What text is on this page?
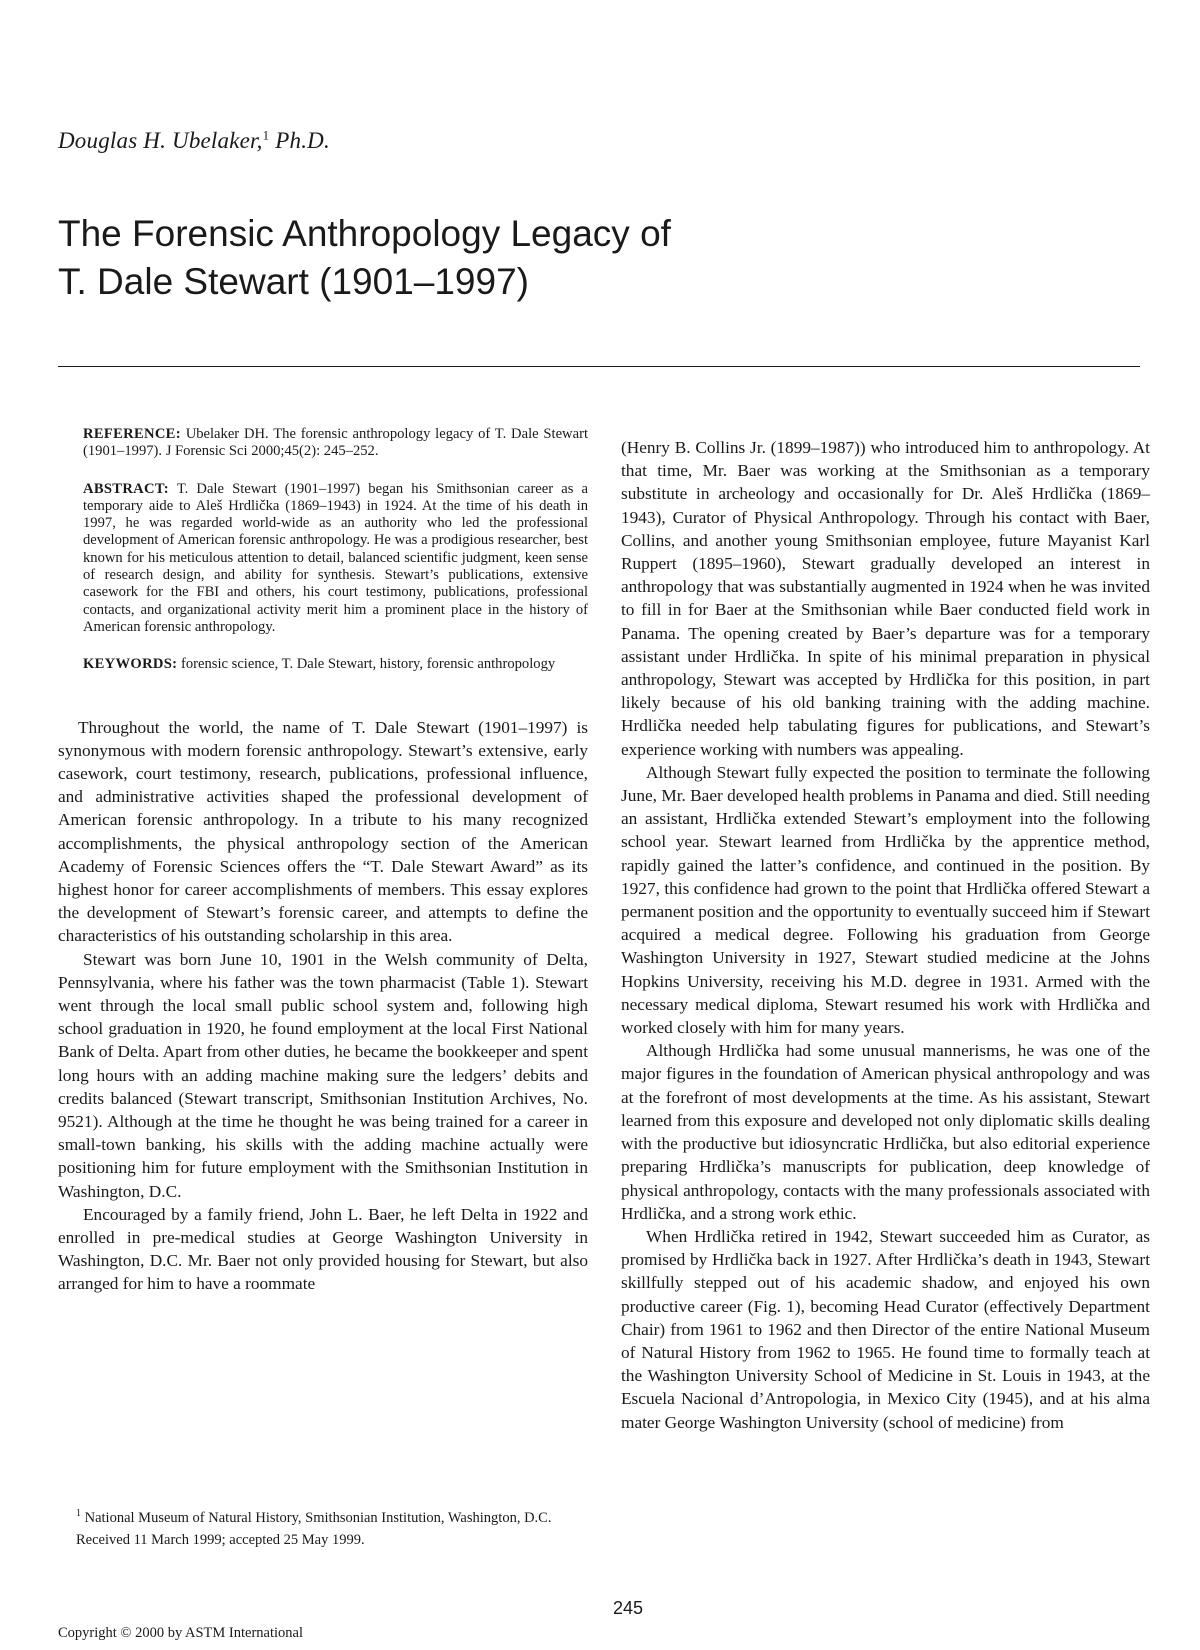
Douglas H. Ubelaker,$^1$ Ph.D.
The Forensic Anthropology Legacy of
T. Dale Stewart (1901–1997)

REFERENCE: Ubelaker DH. The forensic anthropology legacy of T. Dale Stewart (1901–1997). J Forensic Sci 2000;45(2): 245–252.

ABSTRACT: T. Dale Stewart (1901–1997) began his Smithsonian career as a temporary aide to Aleš Hrdlička (1869–1943) in 1924. At the time of his death in 1997, he was regarded world-wide as an authority who led the professional development of American forensic anthropology. He was a prodigious researcher, best known for his meticulous attention to detail, balanced scientific judgment, keen sense of research design, and ability for synthesis. Stewart’s publications, extensive casework for the FBI and others, his court testimony, publications, professional contacts, and organizational activity merit him a prominent place in the history of American forensic anthropology.

KEYWORDS: forensic science, T. Dale Stewart, history, forensic anthropology

Throughout the world, the name of T. Dale Stewart (1901–1997) is synonymous with modern forensic anthropology. Stewart’s extensive, early casework, court testimony, research, publications, professional influence, and administrative activities shaped the professional development of American forensic anthropology. In a tribute to his many recognized accomplishments, the physical anthropology section of the American Academy of Forensic Sciences offers the “T. Dale Stewart Award” as its highest honor for career accomplishments of members. This essay explores the development of Stewart’s forensic career, and attempts to define the characteristics of his outstanding scholarship in this area.

Stewart was born June 10, 1901 in the Welsh community of Delta, Pennsylvania, where his father was the town pharmacist (Table 1). Stewart went through the local small public school system and, following high school graduation in 1920, he found employment at the local First National Bank of Delta. Apart from other duties, he became the bookkeeper and spent long hours with an adding machine making sure the ledgers’ debits and credits balanced (Stewart transcript, Smithsonian Institution Archives, No. 9521). Although at the time he thought he was being trained for a career in small-town banking, his skills with the adding machine actually were positioning him for future employment with the Smithsonian Institution in Washington, D.C.

Encouraged by a family friend, John L. Baer, he left Delta in 1922 and enrolled in pre-medical studies at George Washington University in Washington, D.C. Mr. Baer not only provided housing for Stewart, but also arranged for him to have a roommate

(Henry B. Collins Jr. (1899–1987)) who introduced him to anthropology. At that time, Mr. Baer was working at the Smithsonian as a temporary substitute in archeology and occasionally for Dr. Aleš Hrdlička (1869–1943), Curator of Physical Anthropology. Through his contact with Baer, Collins, and another young Smithsonian employee, future Mayanist Karl Ruppert (1895–1960), Stewart gradually developed an interest in anthropology that was substantially augmented in 1924 when he was invited to fill in for Baer at the Smithsonian while Baer conducted field work in Panama. The opening created by Baer’s departure was for a temporary assistant under Hrdlička. In spite of his minimal preparation in physical anthropology, Stewart was accepted by Hrdlička for this position, in part likely because of his old banking training with the adding machine. Hrdlička needed help tabulating figures for publications, and Stewart’s experience working with numbers was appealing.

Although Stewart fully expected the position to terminate the following June, Mr. Baer developed health problems in Panama and died. Still needing an assistant, Hrdlička extended Stewart’s employment into the following school year. Stewart learned from Hrdlička by the apprentice method, rapidly gained the latter’s confidence, and continued in the position. By 1927, this confidence had grown to the point that Hrdlička offered Stewart a permanent position and the opportunity to eventually succeed him if Stewart acquired a medical degree. Following his graduation from George Washington University in 1927, Stewart studied medicine at the Johns Hopkins University, receiving his M.D. degree in 1931. Armed with the necessary medical diploma, Stewart resumed his work with Hrdlička and worked closely with him for many years.

Although Hrdlička had some unusual mannerisms, he was one of the major figures in the foundation of American physical anthropology and was at the forefront of most developments at the time. As his assistant, Stewart learned from this exposure and developed not only diplomatic skills dealing with the productive but idiosyncratic Hrdlička, but also editorial experience preparing Hrdlička’s manuscripts for publication, deep knowledge of physical anthropology, contacts with the many professionals associated with Hrdlička, and a strong work ethic.

When Hrdlička retired in 1942, Stewart succeeded him as Curator, as promised by Hrdlička back in 1927. After Hrdlička’s death in 1943, Stewart skillfully stepped out of his academic shadow, and enjoyed his own productive career (Fig. 1), becoming Head Curator (effectively Department Chair) from 1961 to 1962 and then Director of the entire National Museum of Natural History from 1962 to 1965. He found time to formally teach at the Washington University School of Medicine in St. Louis in 1943, at the Escuela Nacional d’Antropologia, in Mexico City (1945), and at his alma mater George Washington University (school of medicine) from

$^1$ National Museum of Natural History, Smithsonian Institution, Washington, D.C.

Received 11 March 1999; accepted 25 May 1999.

245
Copyright © 2000 by ASTM International
